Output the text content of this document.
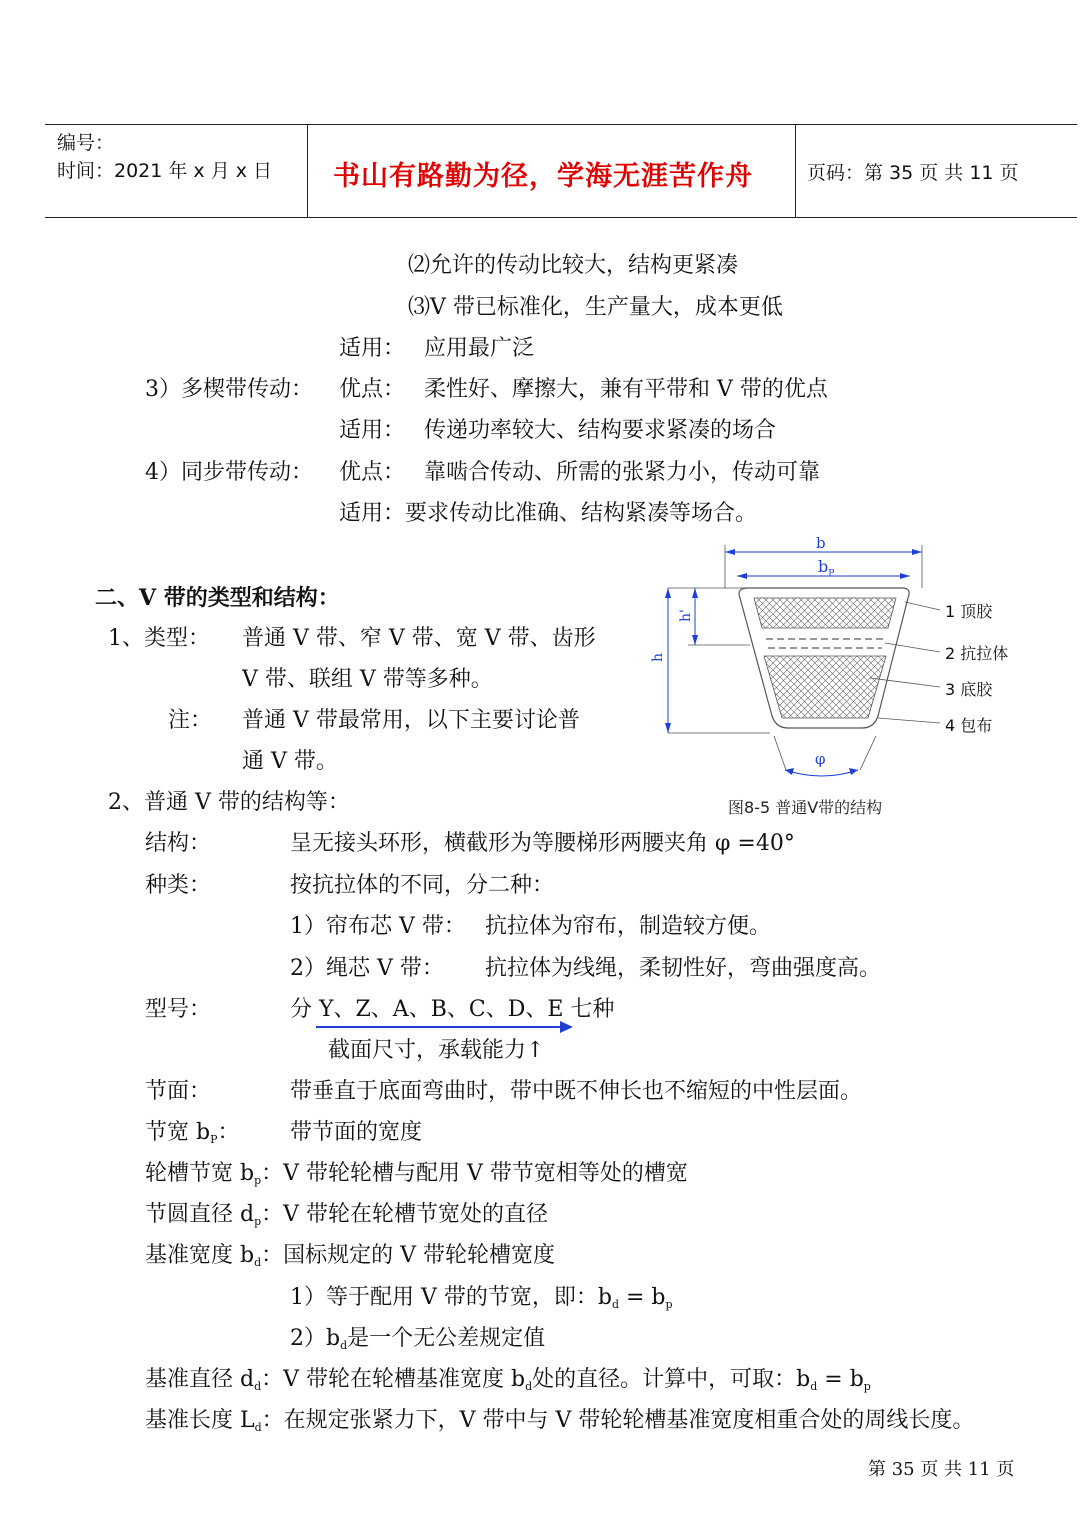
编号：
时间：2021 年 x 月 x 日 书山有路勤为径，学海无涯苦作舟	页码：第 35 页 共 11 页
⑵允许的传动比较大，结构更紧凑
⑶V 带已标准化，生产量大，成本更低
适用： 应用最广泛
3）多楔带传动： 优点： 柔性好、摩擦大，兼有平带和 V 带的优点
适用： 传递功率较大、结构要求紧凑的场合
4）同步带传动： 优点： 靠啮合传动、所需的张紧力小，传动可靠
适用：要求传动比准确、结构紧凑等场合。
二、V 带的类型和结构：
1、类型： 普通 V 带、窄 V 带、宽 V 带、齿形
V 带、联组 V 带等多种。
注： 普通 V 带最常用，以下主要讨论普
通 V 带。
2、普通 V 带的结构等：
结构：	呈无接头环形，横截形为等腰梯形两腰夹角 φ =40°
种类：	按抗拉体的不同，分二种：
1）帘布芯 V 带： 抗拉体为帘布，制造较方便。
2）绳芯 V 带： 抗拉体为线绳，柔韧性好，弯曲强度高。
型号：	分 Y、Z、A、B、C、D、E 七种
截面尺寸，承载能力↑
节面：	带垂直于底面弯曲时，带中既不伸长也不缩短的中性层面。
节宽 $b_P$： 带节面的宽度
轮槽节宽 $b_p$：V 带轮轮槽与配用 V 带节宽相等处的槽宽
节圆直径 $d_p$：V 带轮在轮槽节宽处的直径
基准宽度 $b_d$：国标规定的 V 带轮轮槽宽度
1）等于配用 V 带的节宽，即：$b_d = b_p$
$2)b_d$是一个无公差规定值
基准直径 $d_d$：V 带轮在轮槽基准宽度 $b_d$处的直径。计算中，可取：$b_d = b_p$
基准长度 $L_d$：在规定张紧力下，V 带中与 V 带轮轮槽基准宽度相重合处的周线长度。
b
$b_P$
h
h'	1 顶胶
2 抗拉体
3 底胶
4 包布
φ
图8-5 普通V带的结构
第 35 页 共 11 页
